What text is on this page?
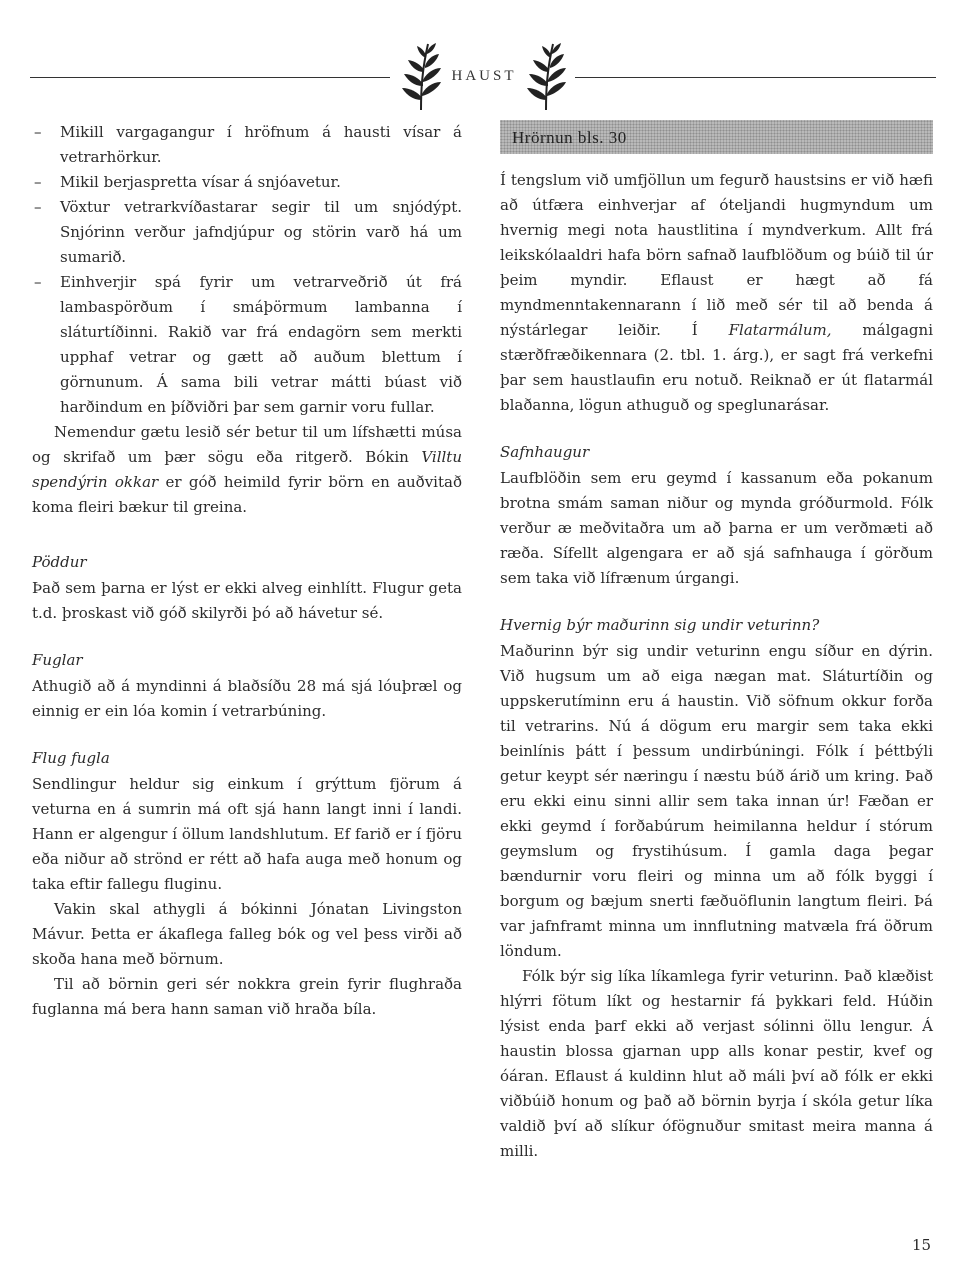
HAUST
– Mikill vargagangur í hröfnum á hausti vísar á vetrarhörkur.
– Mikil berjaspretta vísar á snjóavetur.
– Vöxtur vetrarkvíðastarar segir til um snjódýpt. Snjórinn verður jafndjúpur og störin varð há um sumarið.
– Einhverjir spá fyrir um vetrarveðrið út frá lambaspörðum í smáþörmum lambanna í sláturtíðinni. Rakið var frá endagörn sem merkti upphaf vetrar og gætt að auðum blettum í görnunum. Á sama bili vetrar mátti búast við harðindum en þíðviðri þar sem garnir voru fullar.

Nemendur gætu lesið sér betur til um lífshætti músa og skrifað um þær sögu eða ritgerð. Bókin Villtu spendýrin okkar er góð heimild fyrir börn en auðvitað koma fleiri bækur til greina.

Pöddur

Það sem þarna er lýst er ekki alveg einhlítt. Flugur geta t.d. þroskast við góð skilyrði þó að hávetur sé.

Fuglar

Athugið að á myndinni á blaðsíðu 28 má sjá lóuþræl og einnig er ein lóa komin í vetrarbúning.

Flug fugla

Sendlingur heldur sig einkum í grýttum fjörum á veturna en á sumrin má oft sjá hann langt inni í landi. Hann er algengur í öllum landshlutum. Ef farið er í fjöru eða niður að strönd er rétt að hafa auga með honum og taka eftir fallegu fluginu.

Vakin skal athygli á bókinni Jónatan Livingston Mávur. Þetta er ákaflega falleg bók og vel þess virði að skoða hana með börnum.

Til að börnin geri sér nokkra grein fyrir flughraða fuglanna má bera hann saman við hraða bíla.

Hrörnun bls. 30

Í tengslum við umfjöllun um fegurð haustsins er við hæfi að útfæra einhverjar af óteljandi hugmyndum um hvernig megi nota haustlitina í myndverkum. Allt frá leikskólaaldri hafa börn safnað laufblöðum og búið til úr þeim myndir. Eflaust er hægt að fá myndmenntakennarann í lið með sér til að benda á nýstárlegar leiðir. Í Flatarmálum, málgagni stærðfræðikennara (2. tbl. 1. árg.), er sagt frá verkefni þar sem haustlaufin eru notuð. Reiknað er út flatarmál blaðanna, lögun athuguð og speglunarásar.

Safnhaugur

Laufblöðin sem eru geymd í kassanum eða pokanum brotna smám saman niður og mynda gróðurmold. Fólk verður æ meðvitaðra um að þarna er um verðmæti að ræða. Sífellt algengara er að sjá safnhauga í görðum sem taka við lífrænum úrgangi.

Hvernig býr maðurinn sig undir veturinn?

Maðurinn býr sig undir veturinn engu síður en dýrin. Við hugsum um að eiga nægan mat. Sláturtíðin og uppskerutíminn eru á haustin. Við söfnum okkur forða til vetrarins. Nú á dögum eru margir sem taka ekki beinlínis þátt í þessum undirbúningi. Fólk í þéttbýli getur keypt sér næringu í næstu búð árið um kring. Það eru ekki einu sinni allir sem taka innan úr! Fæðan er ekki geymd í forðabúrum heimilanna heldur í stórum geymslum og frystihúsum. Í gamla daga þegar bændurnir voru fleiri og minna um að fólk byggi í borgum og bæjum snerti fæðuöflunin langtum fleiri. Þá var jafnframt minna um innflutning matvæla frá öðrum löndum.

Fólk býr sig líka líkamlega fyrir veturinn. Það klæðist hlýrri fötum líkt og hestarnir fá þykkari feld. Húðin lýsist enda þarf ekki að verjast sólinni öllu lengur. Á haustin blossa gjarnan upp alls konar pestir, kvef og óáran. Eflaust á kuldinn hlut að máli því að fólk er ekki viðbúið honum og það að börnin byrja í skóla getur líka valdið því að slíkur ófögnuður smitast meira manna á milli.

15
